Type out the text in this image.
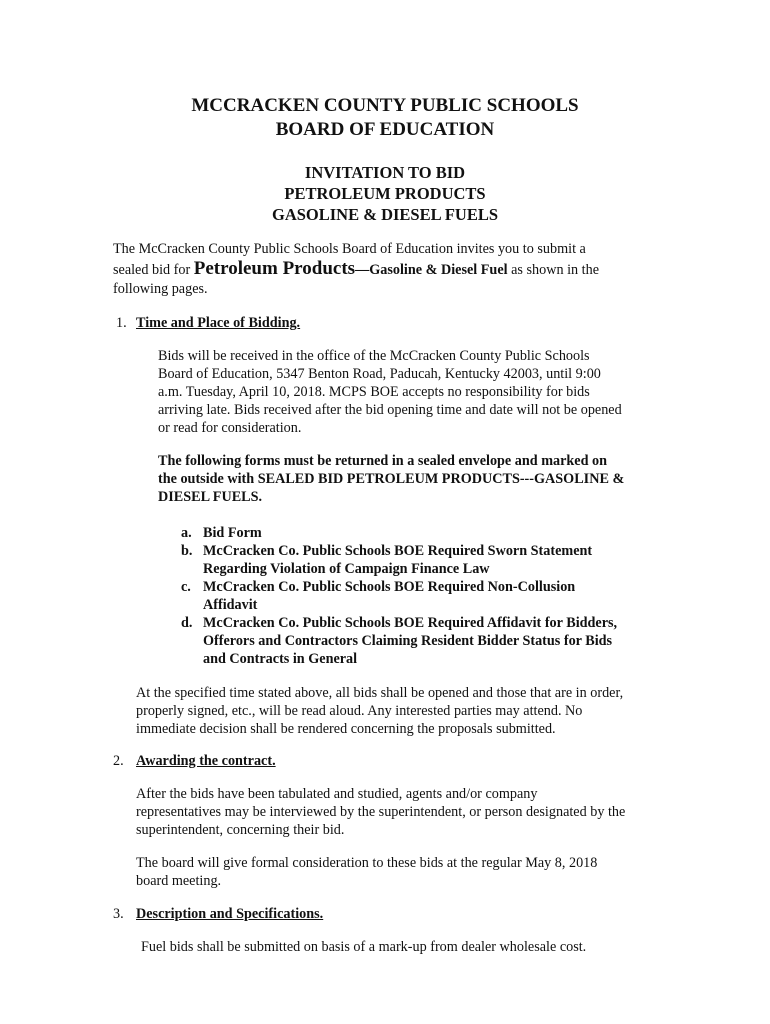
MCCRACKEN COUNTY PUBLIC SCHOOLS
BOARD OF EDUCATION
INVITATION TO BID
PETROLEUM PRODUCTS
GASOLINE & DIESEL FUELS
The McCracken County Public Schools Board of Education invites you to submit a
sealed bid for Petroleum Products—Gasoline & Diesel Fuel as shown in the
following pages.
1. Time and Place of Bidding.
Bids will be received in the office of the McCracken County Public Schools
Board of Education, 5347 Benton Road, Paducah, Kentucky 42003, until 9:00
a.m. Tuesday, April 10, 2018. MCPS BOE accepts no responsibility for bids
arriving late. Bids received after the bid opening time and date will not be opened
or read for consideration.
The following forms must be returned in a sealed envelope and marked on
the outside with SEALED BID PETROLEUM PRODUCTS---GASOLINE &
DIESEL FUELS.
a. Bid Form
b. McCracken Co. Public Schools BOE Required Sworn Statement
Regarding Violation of Campaign Finance Law
c. McCracken Co. Public Schools BOE Required Non-Collusion
Affidavit
d. McCracken Co. Public Schools BOE Required Affidavit for Bidders,
Offerors and Contractors Claiming Resident Bidder Status for Bids
and Contracts in General
At the specified time stated above, all bids shall be opened and those that are in order,
properly signed, etc., will be read aloud. Any interested parties may attend. No
immediate decision shall be rendered concerning the proposals submitted.
2. Awarding the contract.
After the bids have been tabulated and studied, agents and/or company
representatives may be interviewed by the superintendent, or person designated by the
superintendent, concerning their bid.
The board will give formal consideration to these bids at the regular May 8, 2018
board meeting.
3. Description and Specifications.
Fuel bids shall be submitted on basis of a mark-up from dealer wholesale cost.
